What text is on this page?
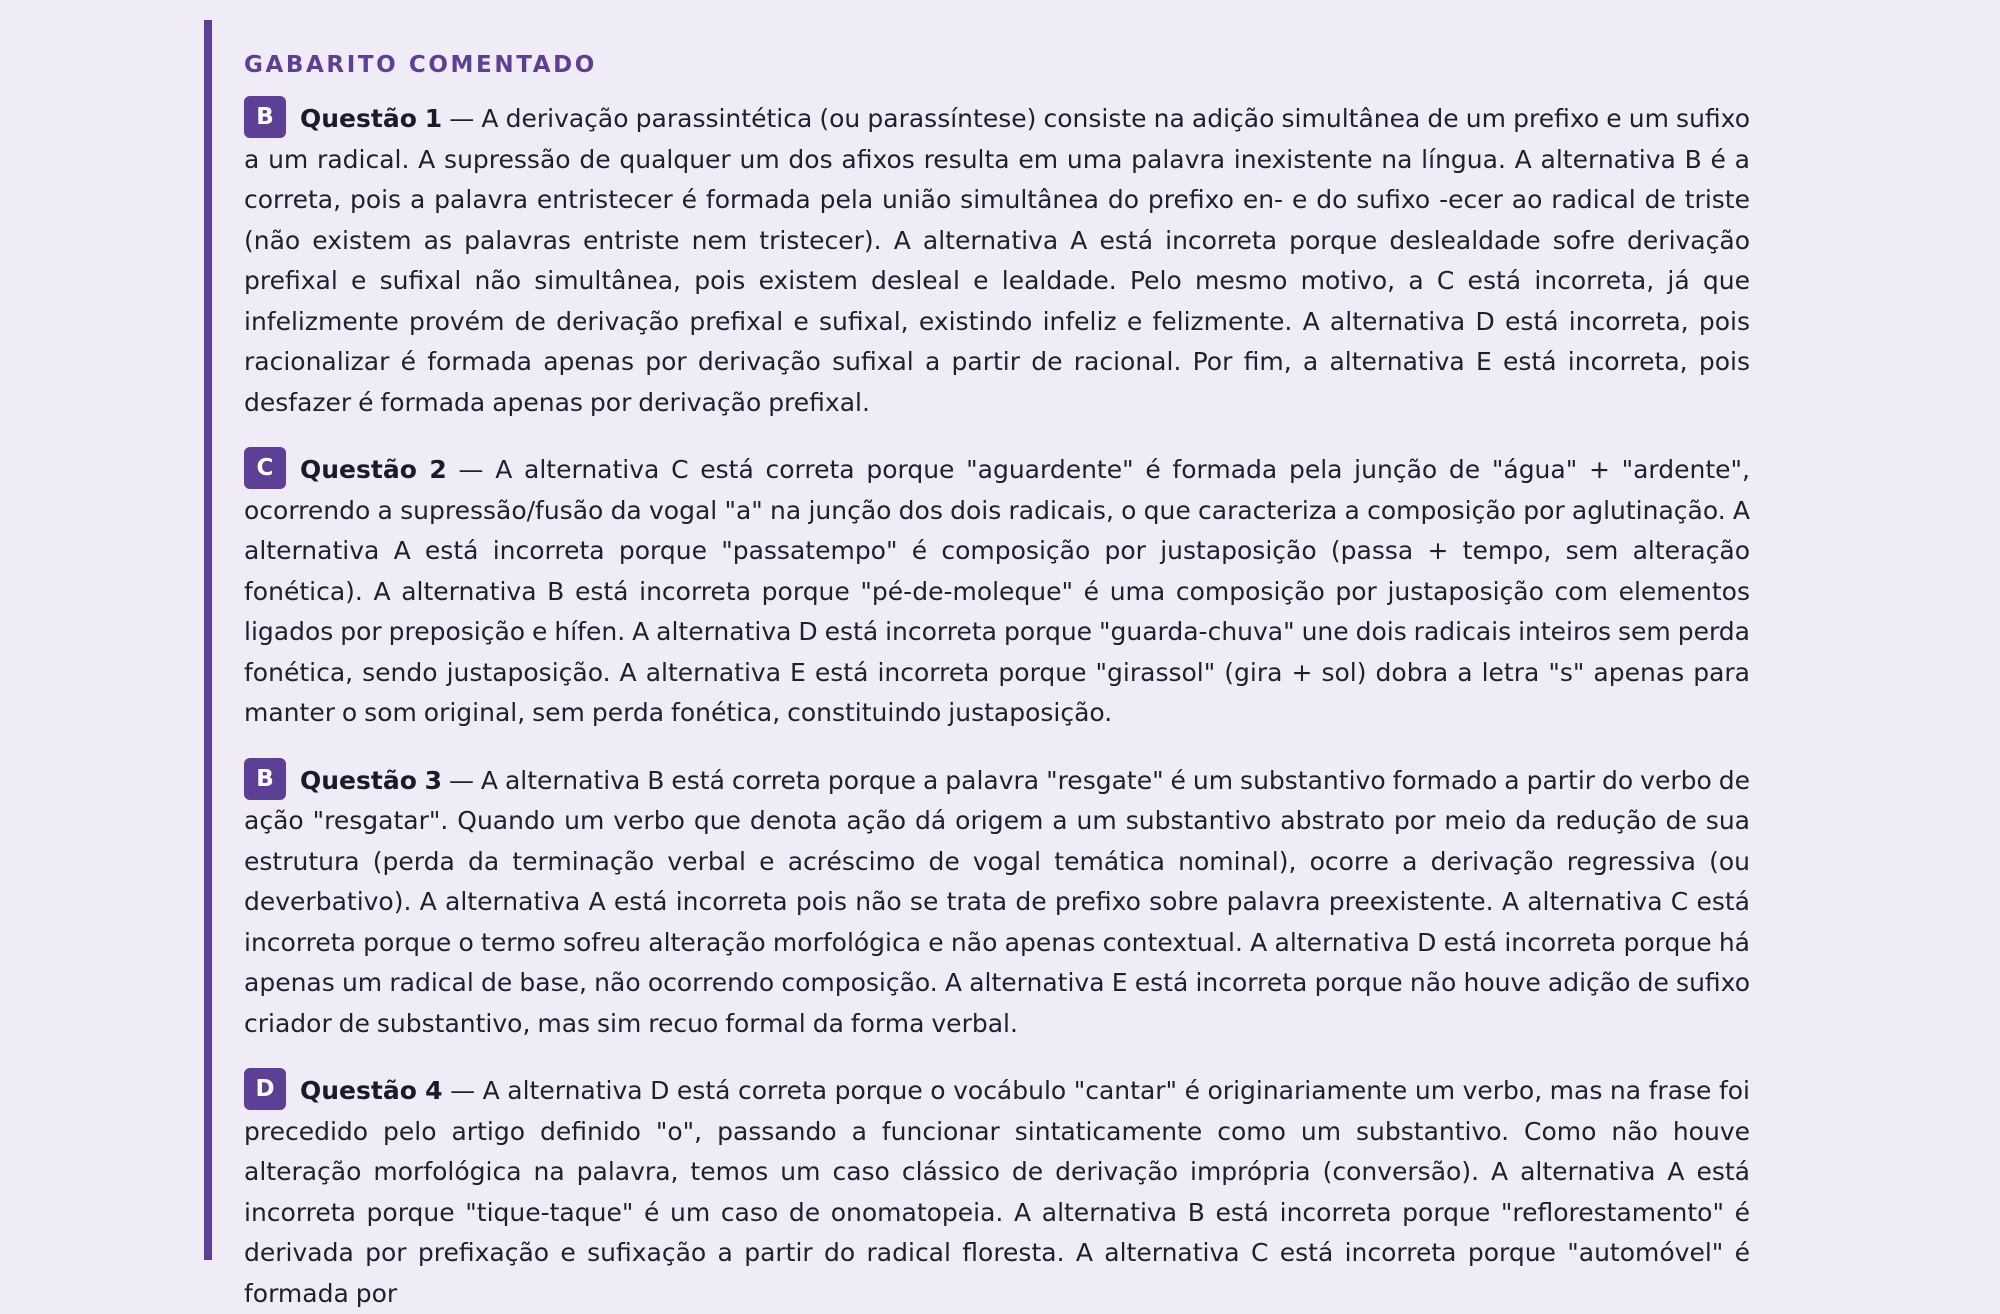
GABARITO COMENTADO

B Questão 1 — A derivação parassintética (ou parassíntese) consiste na adição simultânea de um prefixo e um sufixo a um radical. A supressão de qualquer um dos afixos resulta em uma palavra inexistente na língua. A alternativa B é a correta, pois a palavra entristecer é formada pela união simultânea do prefixo en- e do sufixo -ecer ao radical de triste (não existem as palavras entriste nem tristecer). A alternativa A está incorreta porque deslealdade sofre derivação prefixal e sufixal não simultânea, pois existem desleal e lealdade. Pelo mesmo motivo, a C está incorreta, já que infelizmente provém de derivação prefixal e sufixal, existindo infeliz e felizmente. A alternativa D está incorreta, pois racionalizar é formada apenas por derivação sufixal a partir de racional. Por fim, a alternativa E está incorreta, pois desfazer é formada apenas por derivação prefixal.

C Questão 2 — A alternativa C está correta porque "aguardente" é formada pela junção de "água" + "ardente", ocorrendo a supressão/fusão da vogal "a" na junção dos dois radicais, o que caracteriza a composição por aglutinação. A alternativa A está incorreta porque "passatempo" é composição por justaposição (passa + tempo, sem alteração fonética). A alternativa B está incorreta porque "pé-de-moleque" é uma composição por justaposição com elementos ligados por preposição e hífen. A alternativa D está incorreta porque "guarda-chuva" une dois radicais inteiros sem perda fonética, sendo justaposição. A alternativa E está incorreta porque "girassol" (gira + sol) dobra a letra "s" apenas para manter o som original, sem perda fonética, constituindo justaposição.

B Questão 3 — A alternativa B está correta porque a palavra "resgate" é um substantivo formado a partir do verbo de ação "resgatar". Quando um verbo que denota ação dá origem a um substantivo abstrato por meio da redução de sua estrutura (perda da terminação verbal e acréscimo de vogal temática nominal), ocorre a derivação regressiva (ou deverbativo). A alternativa A está incorreta pois não se trata de prefixo sobre palavra preexistente. A alternativa C está incorreta porque o termo sofreu alteração morfológica e não apenas contextual. A alternativa D está incorreta porque há apenas um radical de base, não ocorrendo composição. A alternativa E está incorreta porque não houve adição de sufixo criador de substantivo, mas sim recuo formal da forma verbal.

D Questão 4 — A alternativa D está correta porque o vocábulo "cantar" é originariamente um verbo, mas na frase foi precedido pelo artigo definido "o", passando a funcionar sintaticamente como um substantivo. Como não houve alteração morfológica na palavra, temos um caso clássico de derivação imprópria (conversão). A alternativa A está incorreta porque "tique-taque" é um caso de onomatopeia. A alternativa B está incorreta porque "reflorestamento" é derivada por prefixação e sufixação a partir do radical floresta. A alternativa C está incorreta porque "automóvel" é formada por
